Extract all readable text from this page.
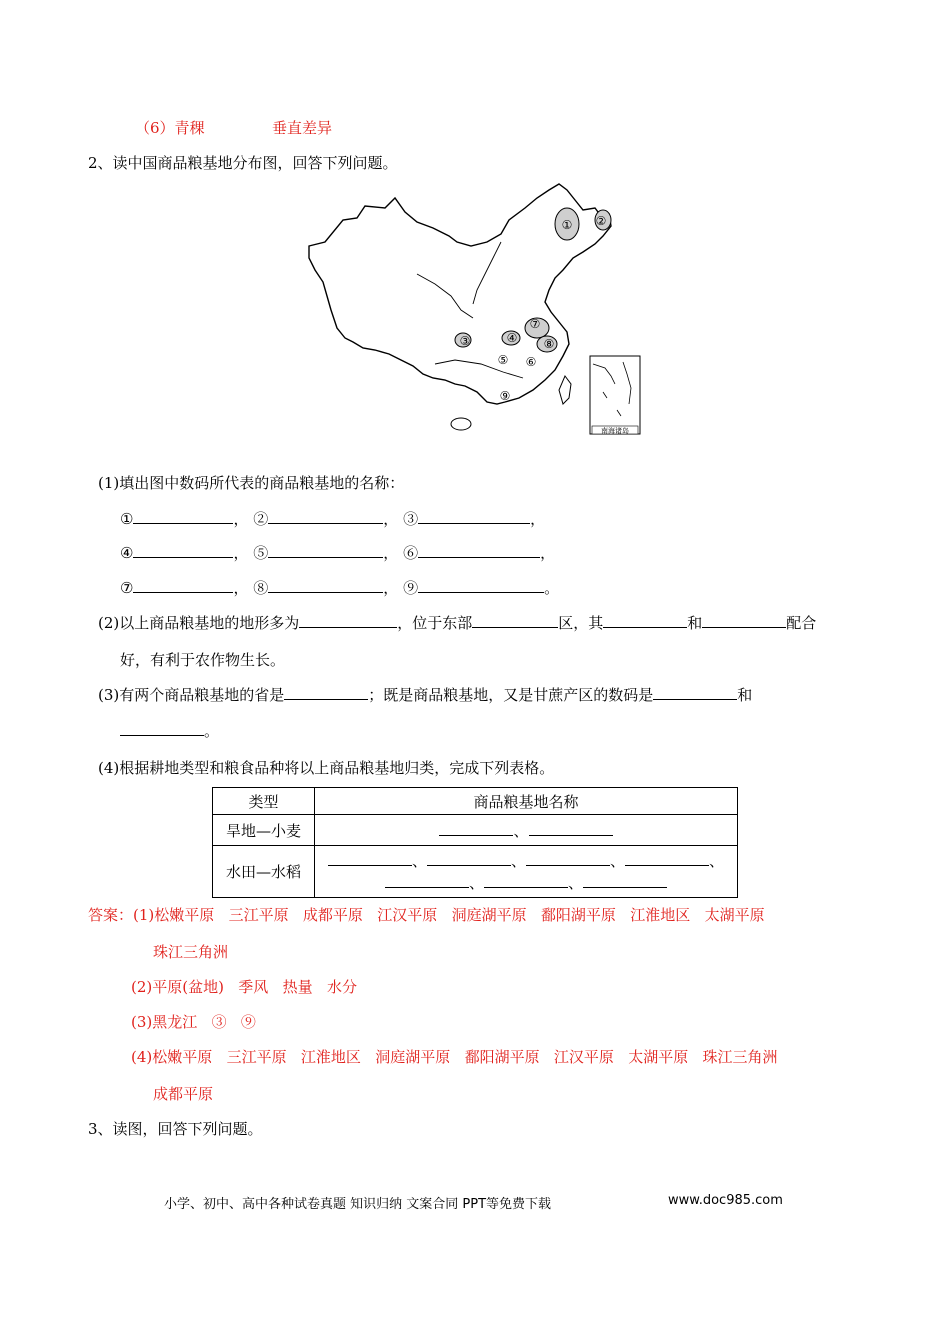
（6）青稞	垂直差异
2、读中国商品粮基地分布图，回答下列问题。
① ②
③	④
⑤ ⑥
⑦
⑧
⑨
南海诸岛
(1)填出图中数码所代表的商品粮基地的名称：
①	， ②	， ③	，
④	， ⑤	， ⑥	，
⑦	， ⑧	， ⑨	。
(2)以上商品粮基地的地形多为	，位于东部	区，其	和	配合
好，有利于农作物生长。
(3)有两个商品粮基地的省是	；既是商品粮基地，又是甘蔗产区的数码是	和
。
(4)根据耕地类型和粮食品种将以上商品粮基地归类，完成下列表格。
类型	商品粮基地名称
旱地—小麦	、
水田—水稻	、 、 、 、
、 、
答案：(1)松嫩平原 三江平原 成都平原 江汉平原 洞庭湖平原 鄱阳湖平原 江淮地区 太湖平原
珠江三角洲
(2)平原(盆地) 季风 热量 水分
(3)黑龙江 ③ ⑨
(4)松嫩平原 三江平原 江淮地区 洞庭湖平原 鄱阳湖平原 江汉平原 太湖平原 珠江三角洲
成都平原
3、读图，回答下列问题。
小学、初中、高中各种试卷真题 知识归纳 文案合同 PPT等免费下载	www.doc985.com
